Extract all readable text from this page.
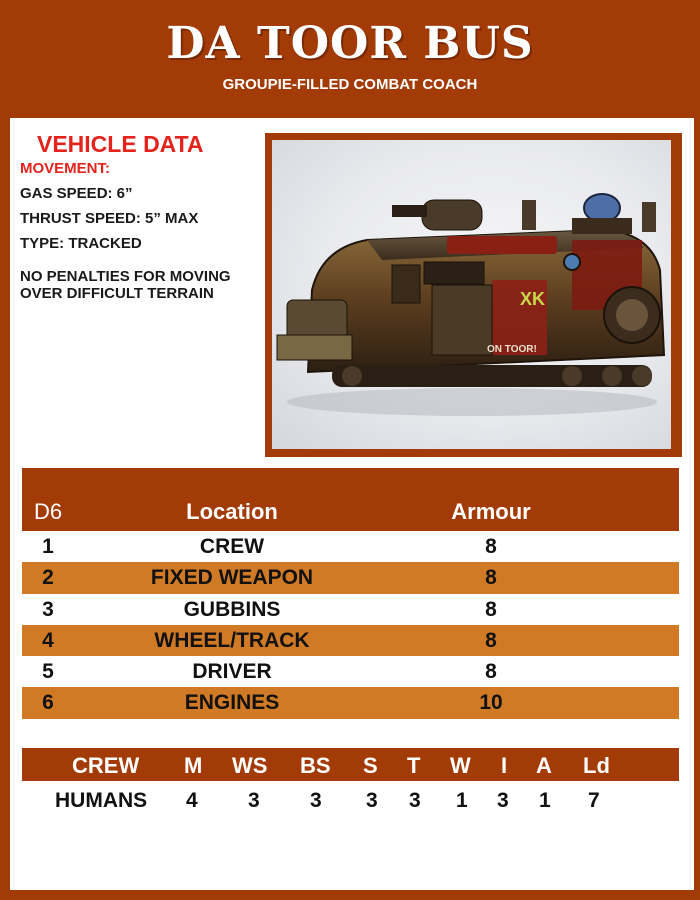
DA TOOR BUS
GROUPIE-FILLED COMBAT COACH
VEHICLE DATA
MOVEMENT:
GAS SPEED: 6”
THRUST SPEED: 5” MAX
TYPE: TRACKED
NO PENALTIES FOR MOVING OVER DIFFICULT TERRAIN	XK
ON TOOR!
D6	Location	Armour
1	CREW	8
2	FIXED WEAPON	8
3	GUBBINS	8
4	WHEEL/TRACK	8
5	DRIVER	8
6	ENGINES	10
CREW M WS BS S T W I A Ld
HUMANS 4 3 3 3 3 1 3 1 7
